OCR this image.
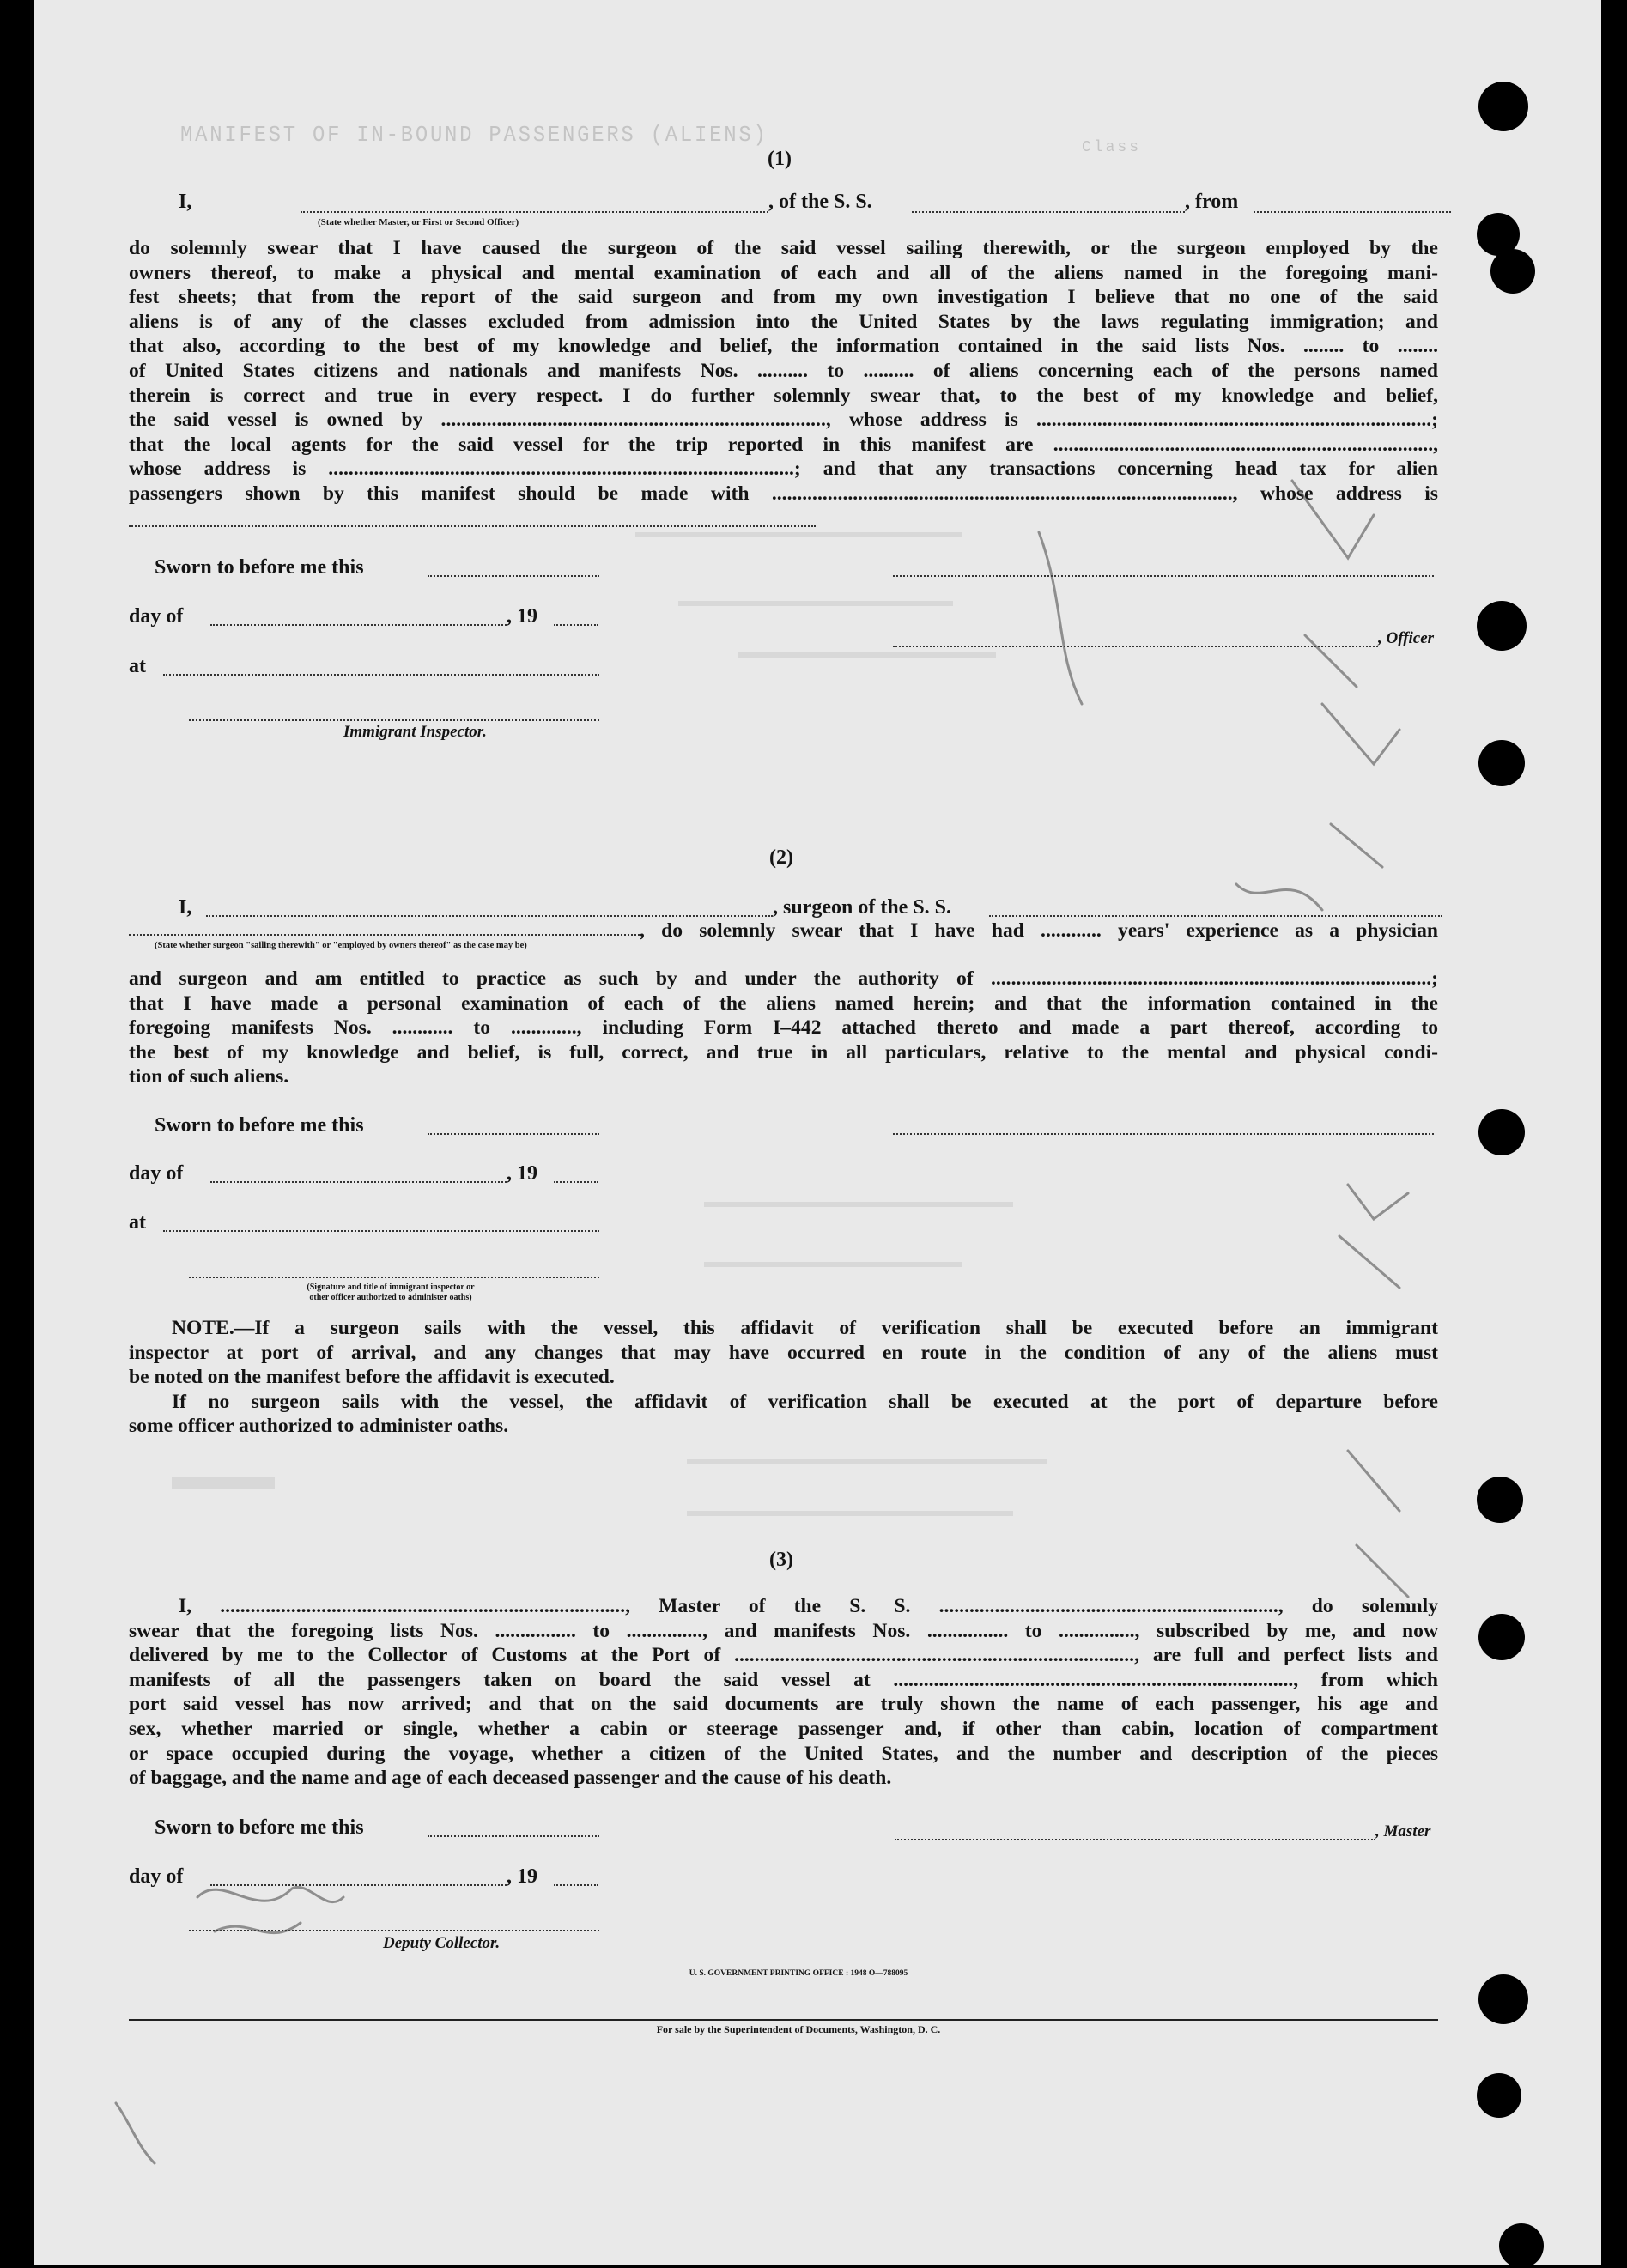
MANIFEST OF IN-BOUND PASSENGERS (ALIENS)	Class
(1)
I,	, of the S. S.	, from
(State whether Master, or First or Second Officer)
do solemnly swear that I have caused the surgeon of the said vessel sailing therewith, or the surgeon employed by the
owners thereof, to make a physical and mental examination of each and all of the aliens named in the foregoing mani-
fest sheets; that from the report of the said surgeon and from my own investigation I believe that no one of the said
aliens is of any of the classes excluded from admission into the United States by the laws regulating immigration; and
that also, according to the best of my knowledge and belief, the information contained in the said lists Nos. ........ to ........
of United States citizens and nationals and manifests Nos. .......... to .......... of aliens concerning each of the persons named
therein is correct and true in every respect. I do further solemnly swear that, to the best of my knowledge and belief,
the said vessel is owned by ............................................................................, whose address is ..............................................................................;
that the local agents for the said vessel for the trip reported in this manifest are ...........................................................................,
whose address is ............................................................................................; and that any transactions concerning head tax for alien
passengers shown by this manifest should be made with ..........................................................................................., whose address is
Sworn to before me this
day of	, 19
, Officer
at
Immigrant Inspector.
(2)
I,	, surgeon of the S. S.
, do solemnly swear that I have had ............ years' experience as a physician
(State whether surgeon "sailing therewith" or "employed by owners thereof" as the case may be)
and surgeon and am entitled to practice as such by and under the authority of .......................................................................................;
that I have made a personal examination of each of the aliens named herein; and that the information contained in the
foregoing manifests Nos. ............ to ............., including Form I–442 attached thereto and made a part thereof, according to
the best of my knowledge and belief, is full, correct, and true in all particulars, relative to the mental and physical condi-
tion of such aliens.
Sworn to before me this
day of	, 19
at
(Signature and title of immigrant inspector or
other officer authorized to administer oaths)
NOTE.—If a surgeon sails with the vessel, this affidavit of verification shall be executed before an immigrant
inspector at port of arrival, and any changes that may have occurred en route in the condition of any of the aliens must
be noted on the manifest before the affidavit is executed.
If no surgeon sails with the vessel, the affidavit of verification shall be executed at the port of departure before
some officer authorized to administer oaths.
(3)
I, ................................................................................, Master of the S. S. ..................................................................., do solemnly
swear that the foregoing lists Nos. ................ to ..............., and manifests Nos. ................ to ..............., subscribed by me, and now
delivered by me to the Collector of Customs at the Port of ..............................................................................., are full and perfect lists and
manifests of all the passengers taken on board the said vessel at ..............................................................................., from which
port said vessel has now arrived; and that on the said documents are truly shown the name of each passenger, his age and
sex, whether married or single, whether a cabin or steerage passenger and, if other than cabin, location of compartment
or space occupied during the voyage, whether a citizen of the United States, and the number and description of the pieces
of baggage, and the name and age of each deceased passenger and the cause of his death.
Sworn to before me this	, Master
day of	, 19
Deputy Collector.
U. S. GOVERNMENT PRINTING OFFICE : 1948 O—788095
For sale by the Superintendent of Documents, Washington, D. C.
